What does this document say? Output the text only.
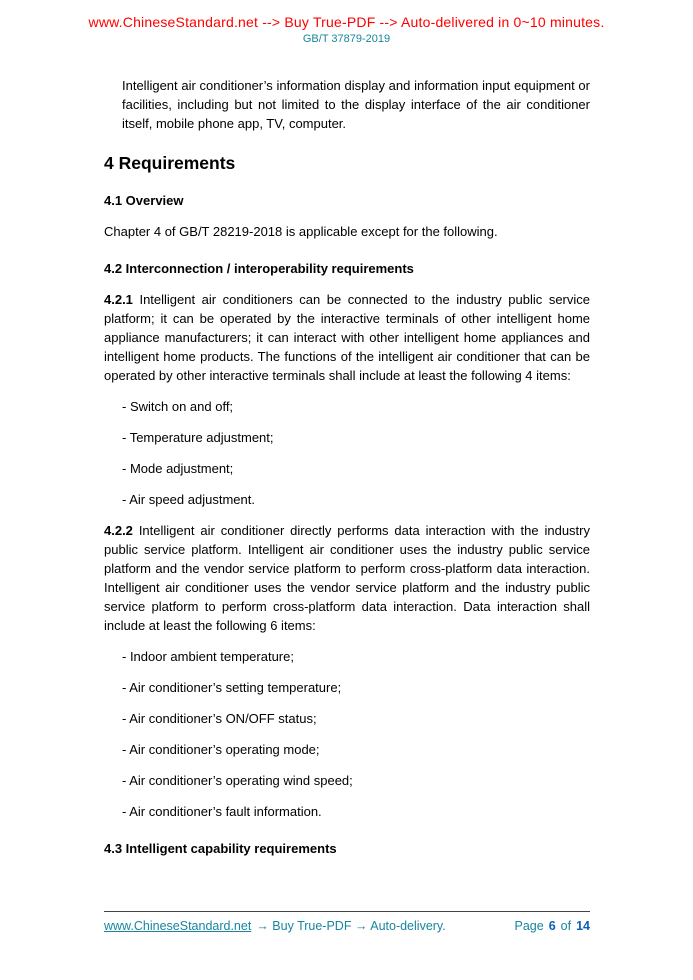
www.ChineseStandard.net --> Buy True-PDF --> Auto-delivered in 0~10 minutes.
GB/T 37879-2019

Intelligent air conditioner’s information display and information input equipment or facilities, including but not limited to the display interface of the air conditioner itself, mobile phone app, TV, computer.

4 Requirements
4.1 Overview

Chapter 4 of GB/T 28219-2018 is applicable except for the following.

4.2 Interconnection / interoperability requirements

4.2.1 Intelligent air conditioners can be connected to the industry public service platform; it can be operated by the interactive terminals of other intelligent home appliance manufacturers; it can interact with other intelligent home appliances and intelligent home products. The functions of the intelligent air conditioner that can be operated by other interactive terminals shall include at least the following 4 items:

- Switch on and off;

- Temperature adjustment;

- Mode adjustment;

- Air speed adjustment.

4.2.2 Intelligent air conditioner directly performs data interaction with the industry public service platform. Intelligent air conditioner uses the industry public service platform and the vendor service platform to perform cross-platform data interaction. Intelligent air conditioner uses the vendor service platform and the industry public service platform to perform cross-platform data interaction. Data interaction shall include at least the following 6 items:

- Indoor ambient temperature;

- Air conditioner’s setting temperature;

- Air conditioner’s ON/OFF status;

- Air conditioner’s operating mode;

- Air conditioner’s operating wind speed;

- Air conditioner’s fault information.

4.3 Intelligent capability requirements
www.ChineseStandard.net → Buy True-PDF → Auto-delivery.	Page 6 of 14
